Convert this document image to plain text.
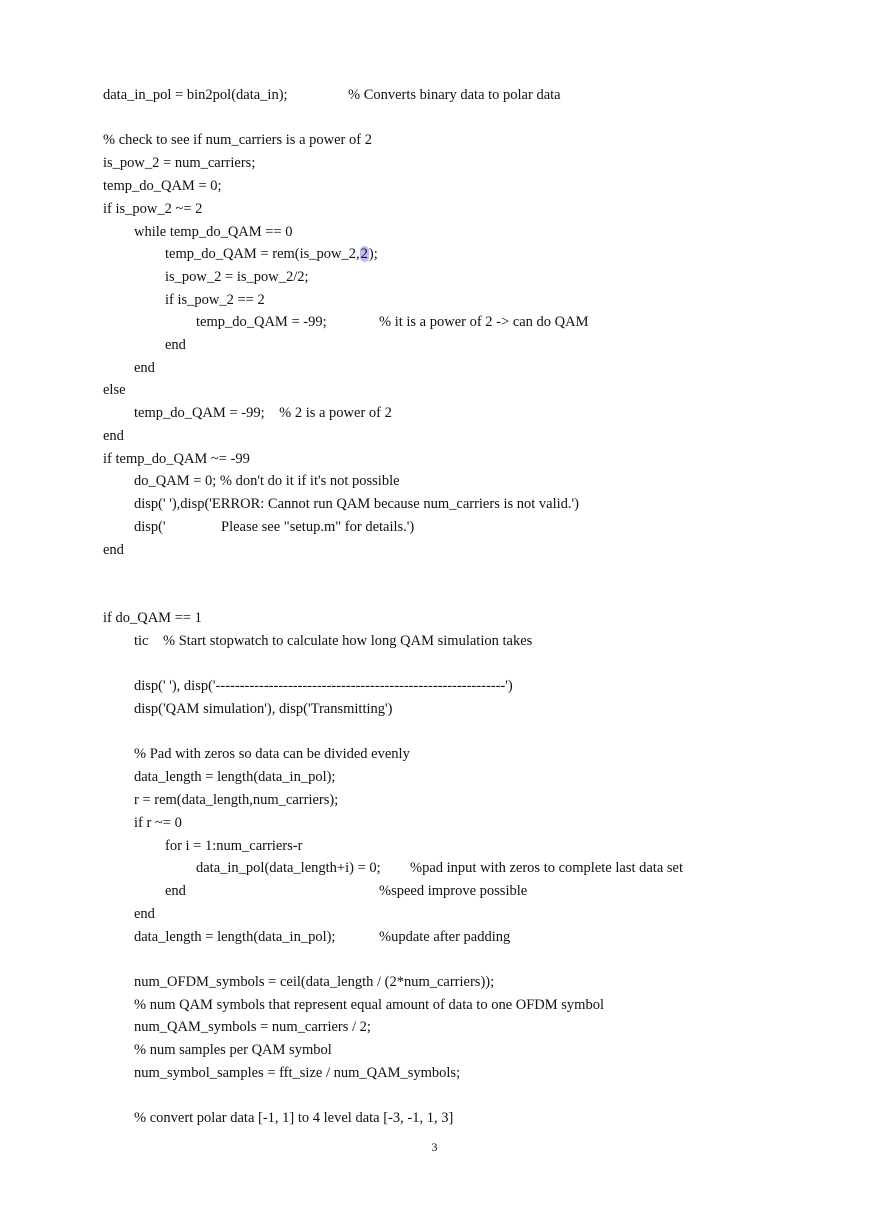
data_in_pol = bin2pol(data_in);	% Converts binary data to polar data
% check to see if num_carriers is a power of 2
is_pow_2 = num_carriers;
temp_do_QAM = 0;
if is_pow_2 ~= 2
while temp_do_QAM == 0
temp_do_QAM = rem(is_pow_2,2);
is_pow_2 = is_pow_2/2;
if is_pow_2 == 2
temp_do_QAM = -99;	% it is a power of 2 -> can do QAM
end
end
else
temp_do_QAM = -99;    % 2 is a power of 2
end
if temp_do_QAM ~= -99
do_QAM = 0; % don't do it if it's not possible
disp(' '),disp('ERROR: Cannot run QAM because num_carriers is not valid.')
disp('	Please see "setup.m" for details.')
end
if do_QAM == 1
tic    % Start stopwatch to calculate how long QAM simulation takes
disp(' '), disp('------------------------------------------------------------')
disp('QAM simulation'), disp('Transmitting')
% Pad with zeros so data can be divided evenly
data_length = length(data_in_pol);
r = rem(data_length,num_carriers);
if r ~= 0
for i = 1:num_carriers-r
data_in_pol(data_length+i) = 0; %pad input with zeros to complete last data set
end	%speed improve possible
end
data_length = length(data_in_pol);	%update after padding
num_OFDM_symbols = ceil(data_length / (2*num_carriers));
% num QAM symbols that represent equal amount of data to one OFDM symbol
num_QAM_symbols = num_carriers / 2;
% num samples per QAM symbol
num_symbol_samples = fft_size / num_QAM_symbols;
% convert polar data [-1, 1] to 4 level data [-3, -1, 1, 3]
3
